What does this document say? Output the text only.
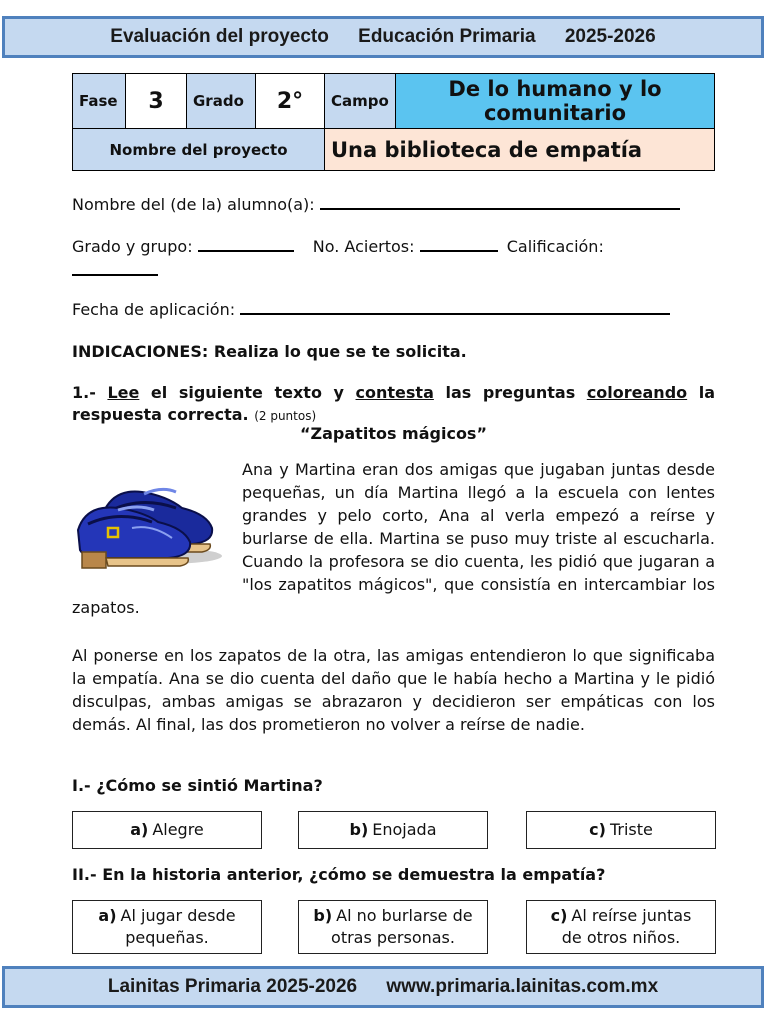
Evaluación del proyecto Educación Primaria 2025-2026
Fase	3	Grado	2°	Campo	De lo humano y lo comunitario
Nombre del proyecto				Una biblioteca de empatía	
Nombre del (de la) alumno(a):
Grado y grupo:	No. Aciertos:	Calificación:
Fecha de aplicación:
INDICACIONES: Realiza lo que se te solicita.
1.- Lee el siguiente texto y contesta las preguntas coloreando la respuesta correcta. (2 puntos)
“Zapatitos mágicos”
Ana y Martina eran dos amigas que jugaban juntas desde pequeñas, un día Martina llegó a la escuela con lentes grandes y pelo corto, Ana al verla empezó a reírse y burlarse de ella. Martina se puso muy triste al escucharla. Cuando la profesora se dio cuenta, les pidió que jugaran a "los zapatitos mágicos", que consistía en intercambiar los zapatos.
Al ponerse en los zapatos de la otra, las amigas entendieron lo que significaba la empatía. Ana se dio cuenta del daño que le había hecho a Martina y le pidió disculpas, ambas amigas se abrazaron y decidieron ser empáticas con los demás. Al final, las dos prometieron no volver a reírse de nadie.
I.- ¿Cómo se sintió Martina?
a) Alegre	b) Enojada	c) Triste
II.- En la historia anterior, ¿cómo se demuestra la empatía?
a) Al jugar desde pequeñas.
b) Al no burlarse de otras personas.
c) Al reírse juntas de otros niños.
Lainitas Primaria 2025-2026 www.primaria.lainitas.com.mx
